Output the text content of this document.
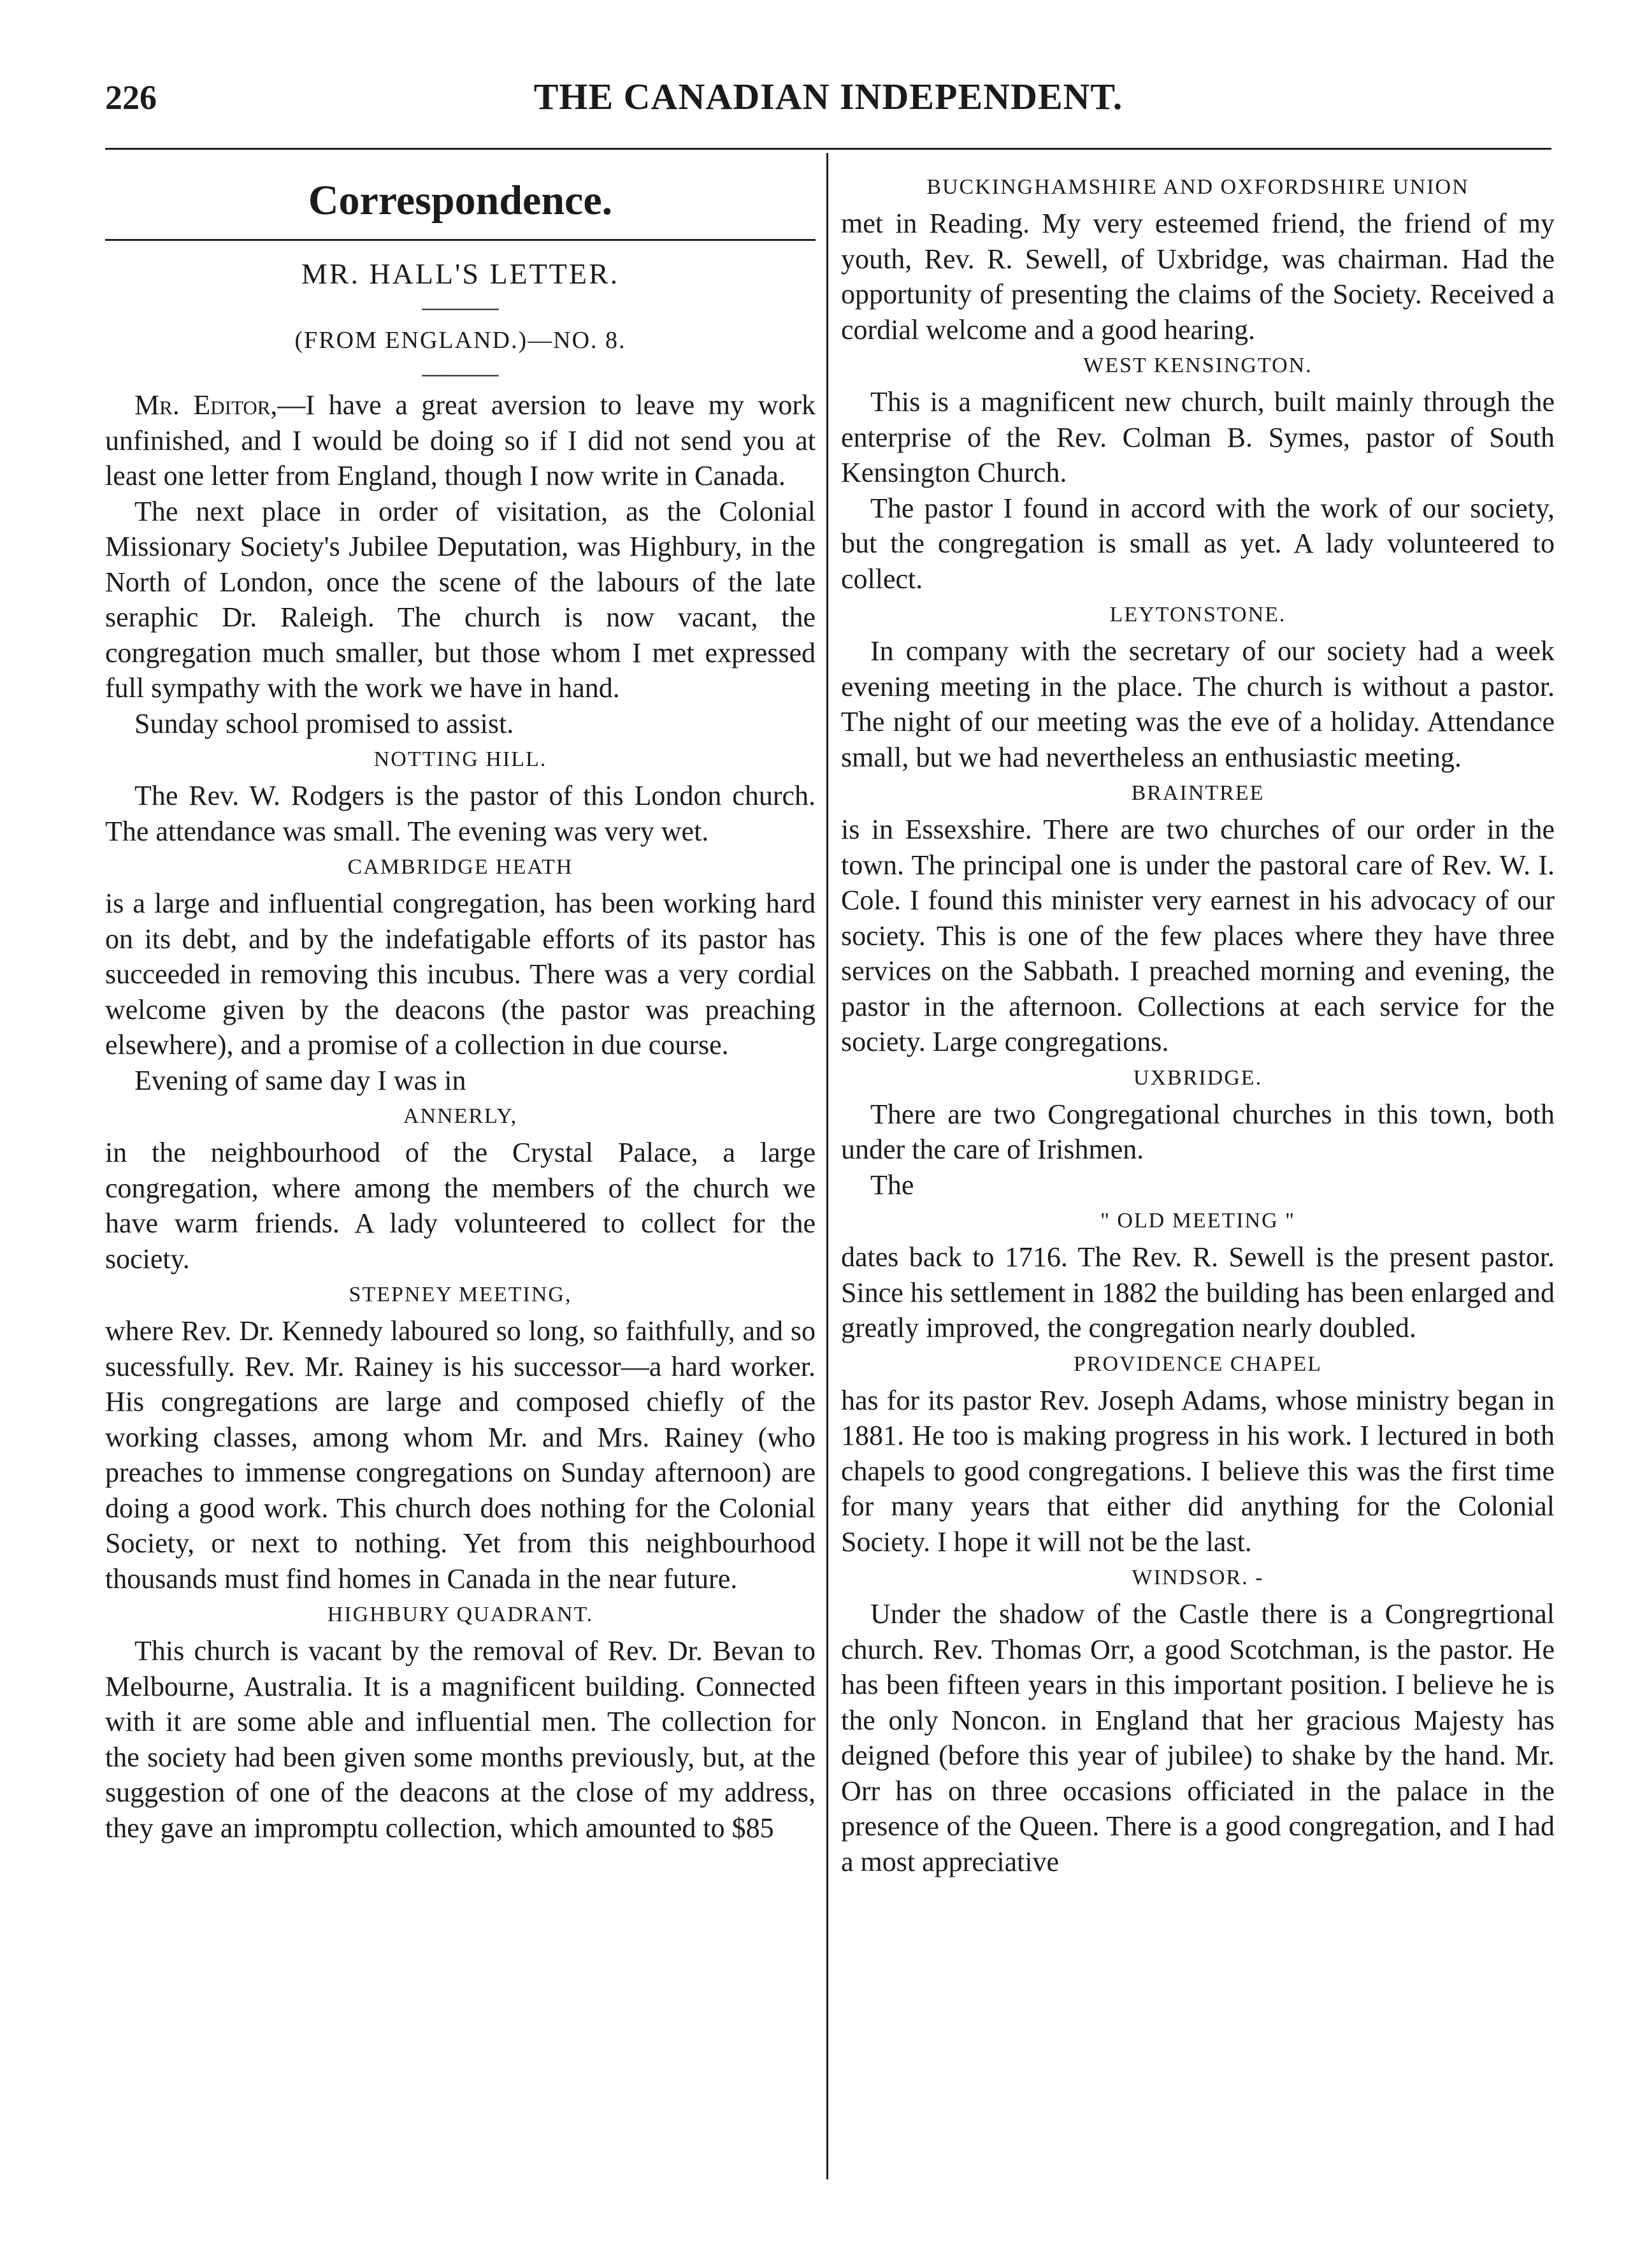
226	THE CANADIAN INDEPENDENT.
Correspondence.
MR. HALL'S LETTER.
———
(FROM ENGLAND.)—NO. 8.
———

Mr. Editor,—I have a great aversion to leave my work unfinished, and I would be doing so if I did not send you at least one letter from England, though I now write in Canada.

The next place in order of visitation, as the Colonial Missionary Society's Jubilee Deputation, was Highbury, in the North of London, once the scene of the labours of the late seraphic Dr. Raleigh. The church is now vacant, the congregation much smaller, but those whom I met expressed full sympathy with the work we have in hand.

Sunday school promised to assist.

NOTTING HILL.

The Rev. W. Rodgers is the pastor of this London church. The attendance was small. The evening was very wet.

CAMBRIDGE HEATH

is a large and influential congregation, has been working hard on its debt, and by the indefatigable efforts of its pastor has succeeded in removing this incubus. There was a very cordial welcome given by the deacons (the pastor was preaching elsewhere), and a promise of a collection in due course.

Evening of same day I was in

ANNERLY,

in the neighbourhood of the Crystal Palace, a large congregation, where among the members of the church we have warm friends. A lady volunteered to collect for the society.

STEPNEY MEETING,

where Rev. Dr. Kennedy laboured so long, so faithfully, and so sucessfully. Rev. Mr. Rainey is his successor—a hard worker. His congregations are large and composed chiefly of the working classes, among whom Mr. and Mrs. Rainey (who preaches to immense congregations on Sunday afternoon) are doing a good work. This church does nothing for the Colonial Society, or next to nothing. Yet from this neighbourhood thousands must find homes in Canada in the near future.

HIGHBURY QUADRANT.

This church is vacant by the removal of Rev. Dr. Bevan to Melbourne, Australia. It is a magnificent building. Connected with it are some able and influential men. The collection for the society had been given some months previously, but, at the suggestion of one of the deacons at the close of my address, they gave an impromptu collection, which amounted to $85

BUCKINGHAMSHIRE AND OXFORDSHIRE UNION

met in Reading. My very esteemed friend, the friend of my youth, Rev. R. Sewell, of Uxbridge, was chairman. Had the opportunity of presenting the claims of the Society. Received a cordial welcome and a good hearing.

WEST KENSINGTON.

This is a magnificent new church, built mainly through the enterprise of the Rev. Colman B. Symes, pastor of South Kensington Church.

The pastor I found in accord with the work of our society, but the congregation is small as yet. A lady volunteered to collect.

LEYTONSTONE.

In company with the secretary of our society had a week evening meeting in the place. The church is without a pastor. The night of our meeting was the eve of a holiday. Attendance small, but we had nevertheless an enthusiastic meeting.

BRAINTREE

is in Essexshire. There are two churches of our order in the town. The principal one is under the pastoral care of Rev. W. I. Cole. I found this minister very earnest in his advocacy of our society. This is one of the few places where they have three services on the Sabbath. I preached morning and evening, the pastor in the afternoon. Collections at each service for the society. Large congregations.

UXBRIDGE.

There are two Congregational churches in this town, both under the care of Irishmen.

The

" OLD MEETING "

dates back to 1716. The Rev. R. Sewell is the present pastor. Since his settlement in 1882 the building has been enlarged and greatly improved, the congregation nearly doubled.

PROVIDENCE CHAPEL

has for its pastor Rev. Joseph Adams, whose ministry began in 1881. He too is making progress in his work. I lectured in both chapels to good congregations. I believe this was the first time for many years that either did anything for the Colonial Society. I hope it will not be the last.

WINDSOR. -

Under the shadow of the Castle there is a Congregrtional church. Rev. Thomas Orr, a good Scotchman, is the pastor. He has been fifteen years in this important position. I believe he is the only Noncon. in England that her gracious Majesty has deigned (before this year of jubilee) to shake by the hand. Mr. Orr has on three occasions officiated in the palace in the presence of the Queen. There is a good congregation, and I had a most appreciative
